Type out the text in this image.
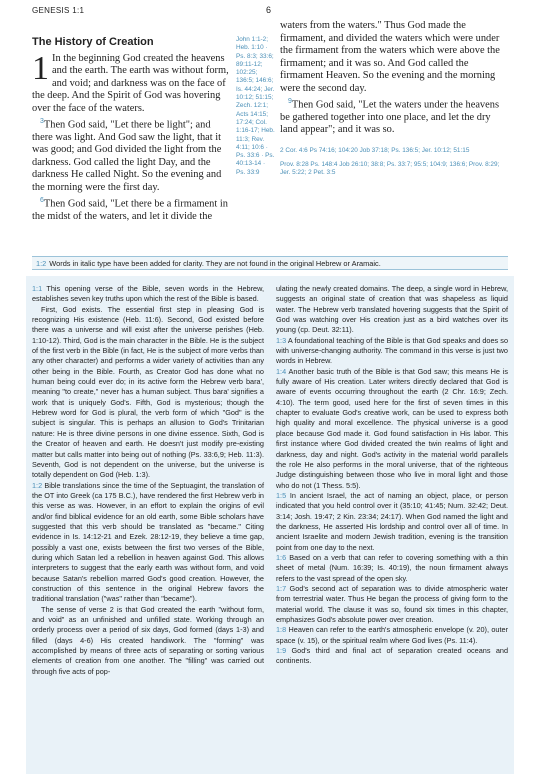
GENESIS 1:1	6
The History of Creation

1 In the beginning God created the heavens and the earth. The earth was without form, and void; and darkness was on the face of the deep. And the Spirit of God was hovering over the face of the waters.

$^3$Then God said, "Let there be light"; and there was light. And God saw the light, that it was good; and God divided the light from the darkness. God called the light Day, and the darkness He called Night. So the evening and the morning were the first day.

$^6$Then God said, "Let there be a firmament in the midst of the waters, and let it divide the

John 1:1-2; Heb. 1:10 · Ps. 8:3; 33:6; 89:11-12; 102:25; 136:5; 146:6; Is. 44:24; Jer. 10:12; 51:15; Zech. 12:1; Acts 14:15; 17:24; Col. 1:16-17; Heb. 11:3; Rev. 4:11; 10:6 · Ps. 33:6 · Ps. 40:13-14 · Ps. 33:9

waters from the waters." Thus God made the firmament, and divided the waters which were under the firmament from the waters which were above the firmament; and it was so. And God called the firmament Heaven. So the evening and the morning were the second day.

$^9$Then God said, "Let the waters under the heavens be gathered together into one place, and let the dry land appear"; and it was so.

2 Cor. 4:6 Ps 74:16; 104:20 Job 37:18; Ps. 136:5; Jer. 10:12; 51:15
Prov. 8:28 Ps. 148:4 Job 26:10; 38:8; Ps. 33:7; 95:5; 104:9; 136:6; Prov. 8:29; Jer. 5:22; 2 Pet. 3:5
1:2 Words in italic type have been added for clarity. They are not found in the original Hebrew or Aramaic.

1:1 This opening verse of the Bible, seven words in the Hebrew, establishes seven key truths upon which the rest of the Bible is based.

First, God exists. The essential first step in pleasing God is recognizing His existence (Heb. 11:6). Second, God existed before there was a universe and will exist after the universe perishes (Heb. 1:10-12). Third, God is the main character in the Bible. He is the subject of the first verb in the Bible (in fact, He is the subject of more verbs than any other character) and performs a wider variety of activities than any other being in the Bible. Fourth, as Creator God has done what no human being could ever do; in its active form the Hebrew verb bara', meaning "to create," never has a human subject. Thus bara' signifies a work that is uniquely God's. Fifth, God is mysterious; though the Hebrew word for God is plural, the verb form of which "God" is the subject is singular. This is perhaps an allusion to God's Trinitarian nature: He is three divine persons in one divine essence. Sixth, God is the Creator of heaven and earth. He doesn't just modify pre-existing matter but calls matter into being out of nothing (Ps. 33:6,9; Heb. 11:3). Seventh, God is not dependent on the universe, but the universe is totally dependent on God (Heb. 1:3).

1:2 Bible translations since the time of the Septuagint, the translation of the OT into Greek (ca 175 B.C.), have rendered the first Hebrew verb in this verse as was. However, in an effort to explain the origins of evil and/or find biblical evidence for an old earth, some Bible scholars have suggested that this verb should be translated as "became." Citing evidence in Is. 14:12-21 and Ezek. 28:12-19, they believe a time gap, possibly a vast one, exists between the first two verses of the Bible, during which Satan led a rebellion in heaven against God. This allows interpreters to suggest that the early earth was without form, and void because Satan's rebellion marred God's good creation. However, the construction of this sentence in the original Hebrew favors the traditional translation ("was" rather than "became").

The sense of verse 2 is that God created the earth "without form, and void" as an unfinished and unfilled state. Working through an orderly process over a period of six days, God formed (days 1-3) and filled (days 4-6) His created handiwork. The "forming" was accomplished by means of three acts of separating or sorting various elements of creation from one another. The "filling" was carried out through five acts of pop-

ulating the newly created domains. The deep, a single word in Hebrew, suggests an original state of creation that was shapeless as liquid water. The Hebrew verb translated hovering suggests that the Spirit of God was watching over His creation just as a bird watches over its young (cp. Deut. 32:11).

1:3 A foundational teaching of the Bible is that God speaks and does so with universe-changing authority. The command in this verse is just two words in Hebrew.

1:4 Another basic truth of the Bible is that God saw; this means He is fully aware of His creation. Later writers directly declared that God is aware of events occurring throughout the earth (2 Chr. 16:9; Zech. 4:10). The term good, used here for the first of seven times in this chapter to evaluate God's creative work, can be used to express both high quality and moral excellence. The physical universe is a good place because God made it. God found satisfaction in His labor. This first instance where God divided created the twin realms of light and darkness, day and night. God's activity in the material world parallels the role He also performs in the moral universe, that of the righteous Judge distinguishing between those who live in moral light and those who do not (1 Thess. 5:5).

1:5 In ancient Israel, the act of naming an object, place, or person indicated that you held control over it (35:10; 41:45; Num. 32:42; Deut. 3:14; Josh. 19:47; 2 Kin. 23:34; 24:17). When God named the light and the darkness, He asserted His lordship and control over all of time. In ancient Israelite and modern Jewish tradition, evening is the transition point from one day to the next.

1:6 Based on a verb that can refer to covering something with a thin sheet of metal (Num. 16:39; Is. 40:19), the noun firmament always refers to the vast spread of the open sky.

1:7 God's second act of separation was to divide atmospheric water from terrestrial water. Thus He began the process of giving form to the material world. The clause it was so, found six times in this chapter, emphasizes God's absolute power over creation.

1:8 Heaven can refer to the earth's atmospheric envelope (v. 20), outer space (v. 15), or the spiritual realm where God lives (Ps. 11:4).

1:9 God's third and final act of separation created oceans and continents.
